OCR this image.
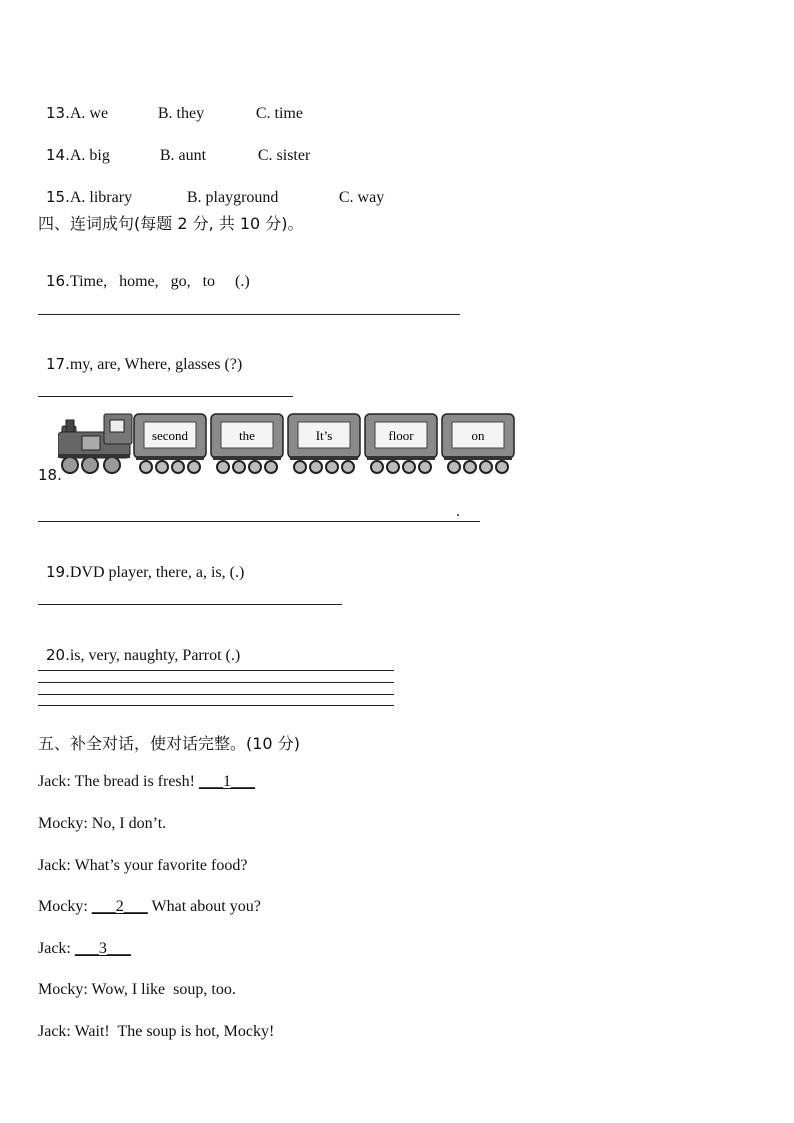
13.A. we	B. they	C. time

14.A. big	B. aunt	C. sister

15.A. library	B. playground	C. way

四、连词成句(每题 2 分, 共 10 分)。

16.Time,   home,   go,   to     (.)

17.my, are, Where, glasses (?)

18.
second	the	It’s	floor	on
.

19.DVD player, there, a, is, (.)

20.is, very, naughty, Parrot (.)

五、补全对话，使对话完整。(10 分)
Jack: The bread is fresh! ___1___
Mocky: No, I don’t.
Jack: What’s your favorite food?
Mocky: ___2___ What about you?
Jack: ___3___
Mocky: Wow, I like  soup, too.
Jack: Wait!  The soup is hot, Mocky!
